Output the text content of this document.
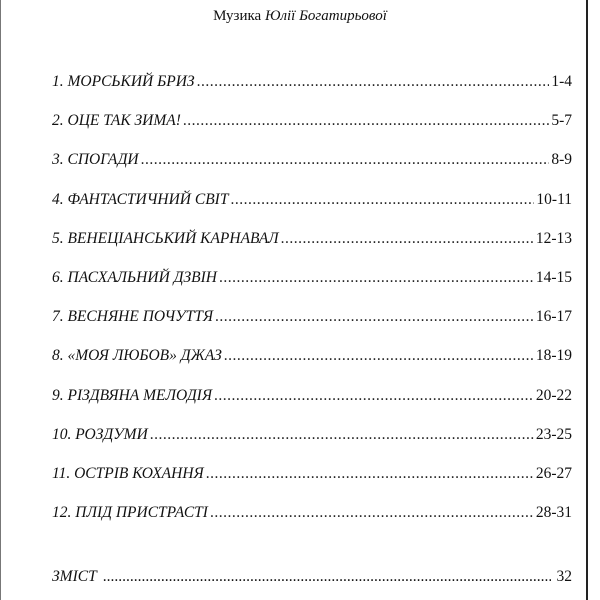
Музика Юлії Богатирьової
1. МОРСЬКИЙ БРИЗ .....	1-4
2. ОЦЕ ТАК ЗИМА! .....	5-7
3. СПОГАДИ .....	8-9
4. ФАНТАСТИЧНИЙ СВІТ .....	10-11
5. ВЕНЕЦІАНСЬКИЙ КАРНАВАЛ .....	12-13
6. ПАСХАЛЬНИЙ ДЗВІН .....	14-15
7. ВЕСНЯНЕ ПОЧУТТЯ .....	16-17
8. «МОЯ ЛЮБОВ» ДЖАЗ .....	18-19
9. РІЗДВЯНА МЕЛОДІЯ .....	20-22
10. РОЗДУМИ .....	23-25
11. ОСТРІВ КОХАННЯ .....	26-27
12. ПЛІД ПРИСТРАСТІ .....	28-31
ЗМІСТ .....	32
